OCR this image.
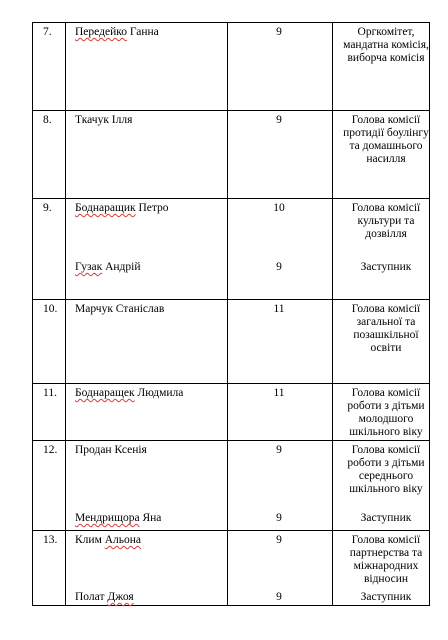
7. Передейко Ганна	9	Оргкомітет, мандатна комісія, виборча комісія
8. Ткачук Ілля	9	Голова комісії протидії боулінгу та домашнього насилля
9. Боднаращик Петро	10	Голова комісії культури та дозвілля
Гузак Андрій	9	Заступник
10. Марчук Станіслав	11	Голова комісії загальної та позашкільної освіти
11. Боднаращек Людмила	11	Голова комісії роботи з дітьми молодшого шкільного віку
12. Продан Ксенія	9	Голова комісії роботи з дітьми середнього шкільного віку
Мендрищора Яна	9	Заступник
13. Клим Альона	9	Голова комісії партнерства та міжнародних відносин
Полат Джоя	9	Заступник
